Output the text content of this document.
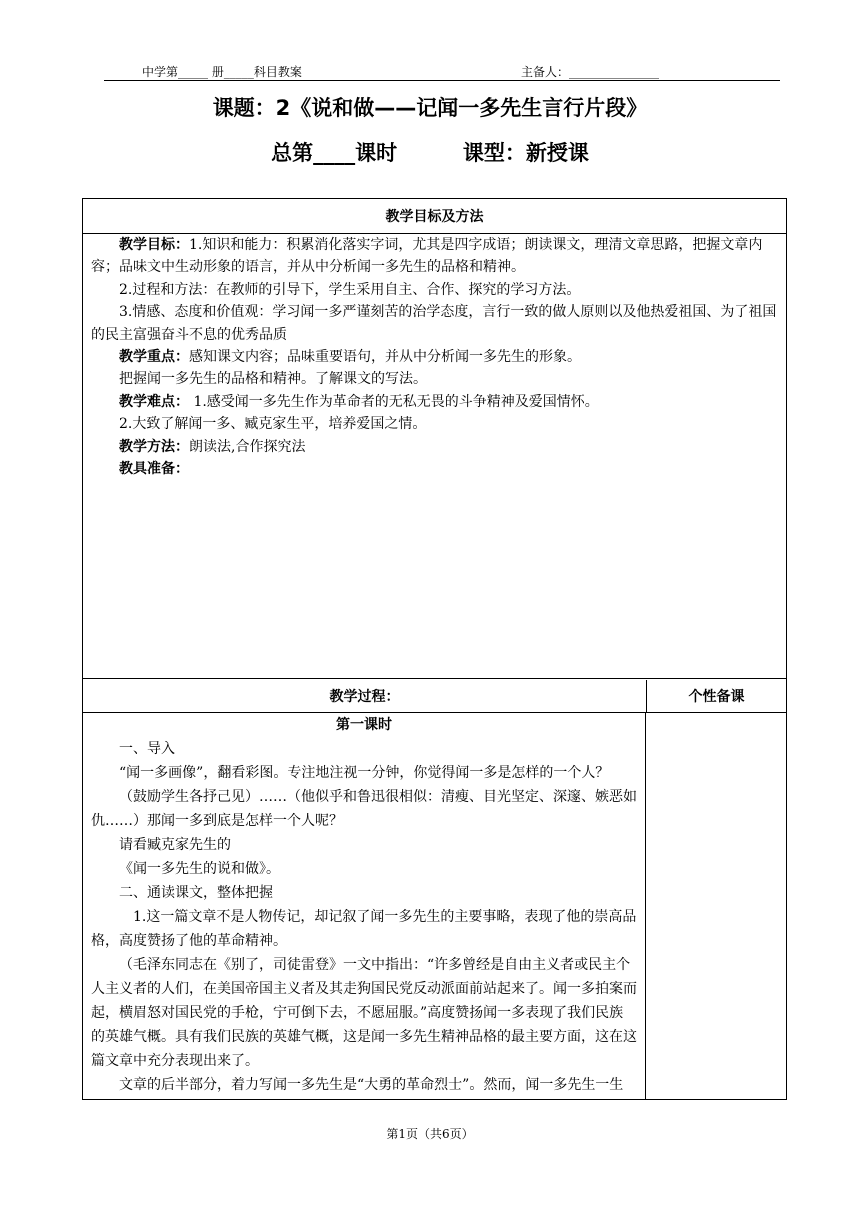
中学第_____ 册_____科目教案	主备人：_______________
课题：2《说和做——记闻一多先生言行片段》
总第____课时         课型：新授课
教学目标及方法

教学目标：1.知识和能力：积累消化落实字词，尤其是四字成语；朗读课文，理清文章思路，把握文章内容；品味文中生动形象的语言，并从中分析闻一多先生的品格和精神。

2.过程和方法：在教师的引导下，学生采用自主、合作、探究的学习方法。

3.情感、态度和价值观：学习闻一多严谨刻苦的治学态度，言行一致的做人原则以及他热爱祖国、为了祖国的民主富强奋斗不息的优秀品质

教学重点：感知课文内容；品味重要语句，并从中分析闻一多先生的形象。

把握闻一多先生的品格和精神。了解课文的写法。

教学难点： 1.感受闻一多先生作为革命者的无私无畏的斗争精神及爱国情怀。

2.大致了解闻一多、臧克家生平，培养爱国之情。

教学方法：朗读法,合作探究法

教具准备：

教学过程：	个性备课

第一课时

一、导入

“闻一多画像”，翻看彩图。专注地注视一分钟，你觉得闻一多是怎样的一个人？

（鼓励学生各抒己见）……（他似乎和鲁迅很相似：清瘦、目光坚定、深邃、嫉恶如仇……）那闻一多到底是怎样一个人呢？

请看臧克家先生的

《闻一多先生的说和做》。

二、通读课文，整体把握

1.这一篇文章不是人物传记，却记叙了闻一多先生的主要事略，表现了他的崇高品格，高度赞扬了他的革命精神。

（毛泽东同志在《别了，司徒雷登》一文中指出：“许多曾经是自由主义者或民主个人主义者的人们，在美国帝国主义者及其走狗国民党反动派面前站起来了。闻一多拍案而起，横眉怒对国民党的手枪，宁可倒下去，不愿屈服。”高度赞扬闻一多表现了我们民族的英雄气概。具有我们民族的英雄气概，这是闻一多先生精神品格的最主要方面，这在这篇文章中充分表现出来了。

文章的后半部分，着力写闻一多先生是“大勇的革命烈士”。然而，闻一多先生一生

第1页（共6页）
